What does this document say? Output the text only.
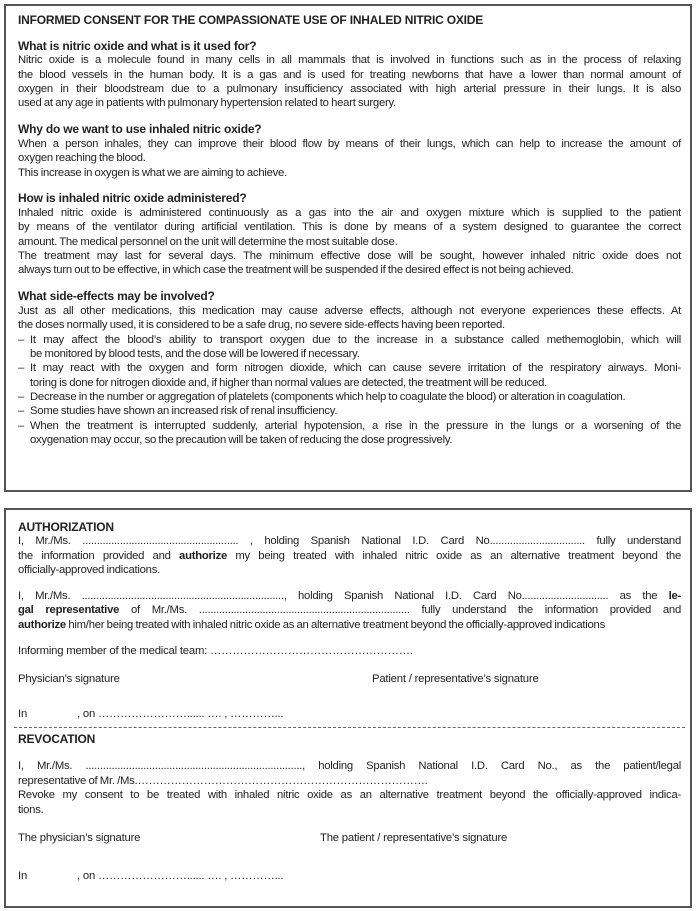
INFORMED CONSENT FOR THE COMPASSIONATE USE OF INHALED NITRIC OXIDE
What is nitric oxide and what is it used for?
Nitric oxide is a molecule found in many cells in all mammals that is involved in functions such as in the process of relaxing
the blood vessels in the human body. It is a gas and is used for treating newborns that have a lower than normal amount of
oxygen in their bloodstream due to a pulmonary insufficiency associated with high arterial pressure in their lungs. It is also
used at any age in patients with pulmonary hypertension related to heart surgery.
Why do we want to use inhaled nitric oxide?
When a person inhales, they can improve their blood flow by means of their lungs, which can help to increase the amount of
oxygen reaching the blood.
This increase in oxygen is what we are aiming to achieve.
How is inhaled nitric oxide administered?
Inhaled nitric oxide is administered continuously as a gas into the air and oxygen mixture which is supplied to the patient
by means of the ventilator during artificial ventilation. This is done by means of a system designed to guarantee the correct
amount. The medical personnel on the unit will determine the most suitable dose.
The treatment may last for several days. The minimum effective dose will be sought, however inhaled nitric oxide does not
always turn out to be effective, in which case the treatment will be suspended if the desired effect is not being achieved.
What side-effects may be involved?
Just as all other medications, this medication may cause adverse effects, although not everyone experiences these effects. At
the doses normally used, it is considered to be a safe drug, no severe side-effects having been reported.
– It may affect the blood’s ability to transport oxygen due to the increase in a substance called methemoglobin, which will
be monitored by blood tests, and the dose will be lowered if necessary.
– It may react with the oxygen and form nitrogen dioxide, which can cause severe irritation of the respiratory airways. Moni-
toring is done for nitrogen dioxide and, if higher than normal values are detected, the treatment will be reduced.
– Decrease in the number or aggregation of platelets (components which help to coagulate the blood) or alteration in coagulation.
– Some studies have shown an increased risk of renal insufficiency.
– When the treatment is interrupted suddenly, arterial hypotension, a rise in the pressure in the lungs or a worsening of the
oxygenation may occur, so the precaution will be taken of reducing the dose progressively.
AUTHORIZATION
I, Mr./Ms. ...................................................... , holding Spanish National I.D. Card No................................. fully understand
the information provided and authorize my being treated with inhaled nitric oxide as an alternative treatment beyond the
officially-approved indications.
I, Mr./Ms. ......................................................................, holding Spanish National I.D. Card No.............................. as the le-
gal representative of Mr./Ms. ......................................................................... fully understand the information provided and
authorize him/her being treated with inhaled nitric oxide as an alternative treatment beyond the officially-approved indications
Informing member of the medical team: ……………………………………………….
Physician’s signature	Patient / representative’s signature
In                 , on ……………………...... …. , …………...
REVOCATION
I, Mr./Ms. ..........................................................................., holding Spanish National I.D. Card No., as the patient/legal
representative of Mr. /Ms.…………………………………………………………………….
Revoke my consent to be treated with inhaled nitric oxide as an alternative treatment beyond the officially-approved indica-
tions.
The physician’s signature	The patient / representative’s signature
In                 , on ……………………...... …. , …………...
